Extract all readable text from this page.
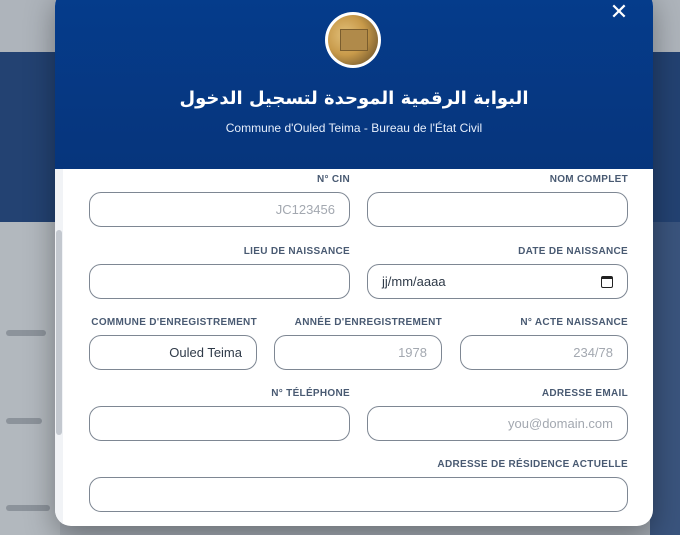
✕
البوابة الرقمية الموحدة لتسجيل الدخول
Commune d'Ouled Teima - Bureau de l'État Civil
N° CIN
JC123456
NOM COMPLET
LIEU DE NAISSANCE	DATE DE NAISSANCE
jj/mm/aaaa
COMMUNE D'ENREGISTREMENT
Ouled Teima
ANNÉE D'ENREGISTREMENT
1978
N° ACTE NAISSANCE
234/78
N° TÉLÉPHONE	ADRESSE EMAIL
you@domain.com
ADRESSE DE RÉSIDENCE ACTUELLE
